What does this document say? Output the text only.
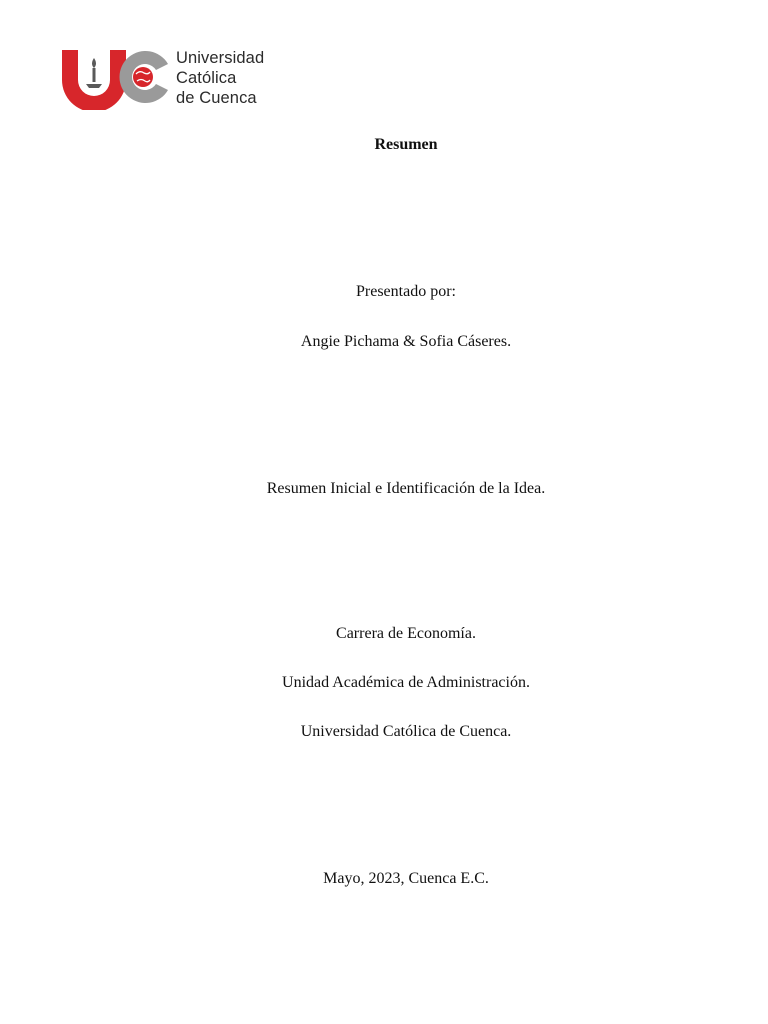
Universidad
Católica
de Cuenca
Resumen
Presentado por:
Angie Pichama & Sofia Cáseres.
Resumen Inicial e Identificación de la Idea.
Carrera de Economía.
Unidad Académica de Administración.
Universidad Católica de Cuenca.
Mayo, 2023, Cuenca E.C.
